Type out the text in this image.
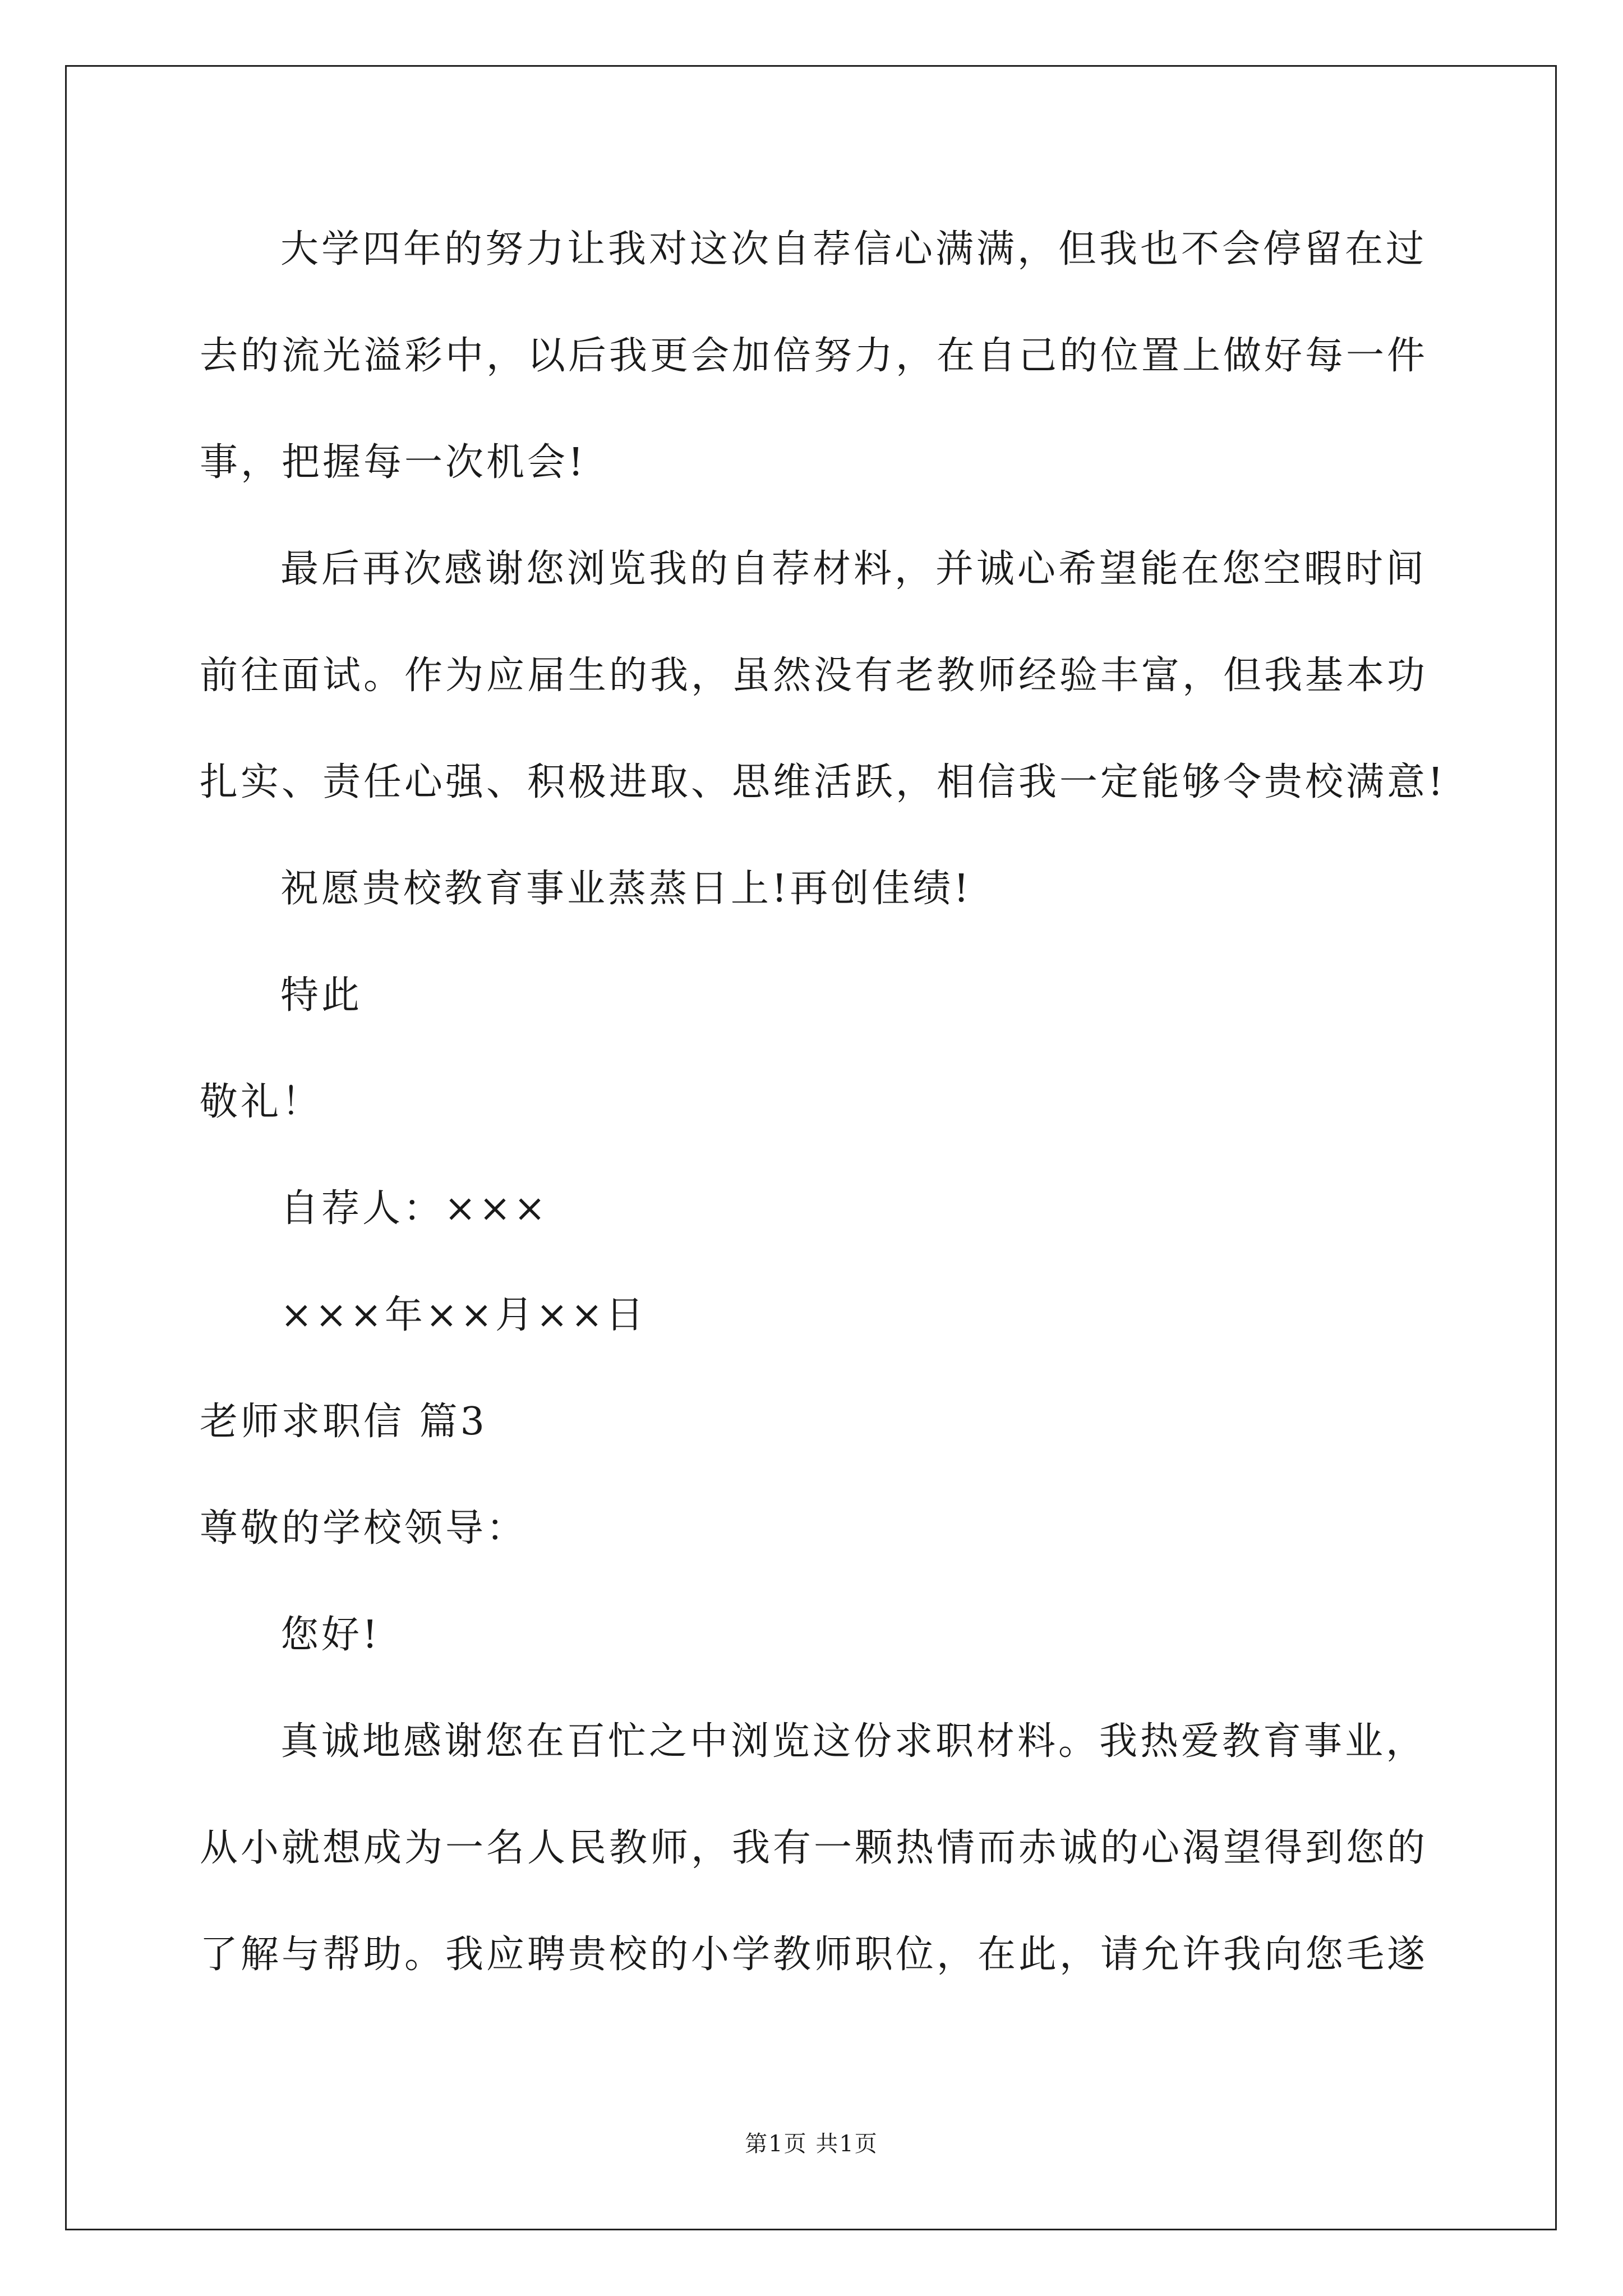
大学四年的努力让我对这次自荐信心满满，但我也不会停留在过
去的流光溢彩中，以后我更会加倍努力，在自己的位置上做好每一件
事，把握每一次机会!
最后再次感谢您浏览我的自荐材料，并诚心希望能在您空暇时间
前往面试。作为应届生的我，虽然没有老教师经验丰富，但我基本功
扎实、责任心强、积极进取、思维活跃，相信我一定能够令贵校满意!
祝愿贵校教育事业蒸蒸日上!再创佳绩!
特此
敬礼！
自荐人：×××
×××年××月××日
老师求职信 篇3
尊敬的学校领导：
您好!
真诚地感谢您在百忙之中浏览这份求职材料。我热爱教育事业，
从小就想成为一名人民教师，我有一颗热情而赤诚的心渴望得到您的
了解与帮助。我应聘贵校的小学教师职位，在此，请允许我向您毛遂
第1页 共1页
